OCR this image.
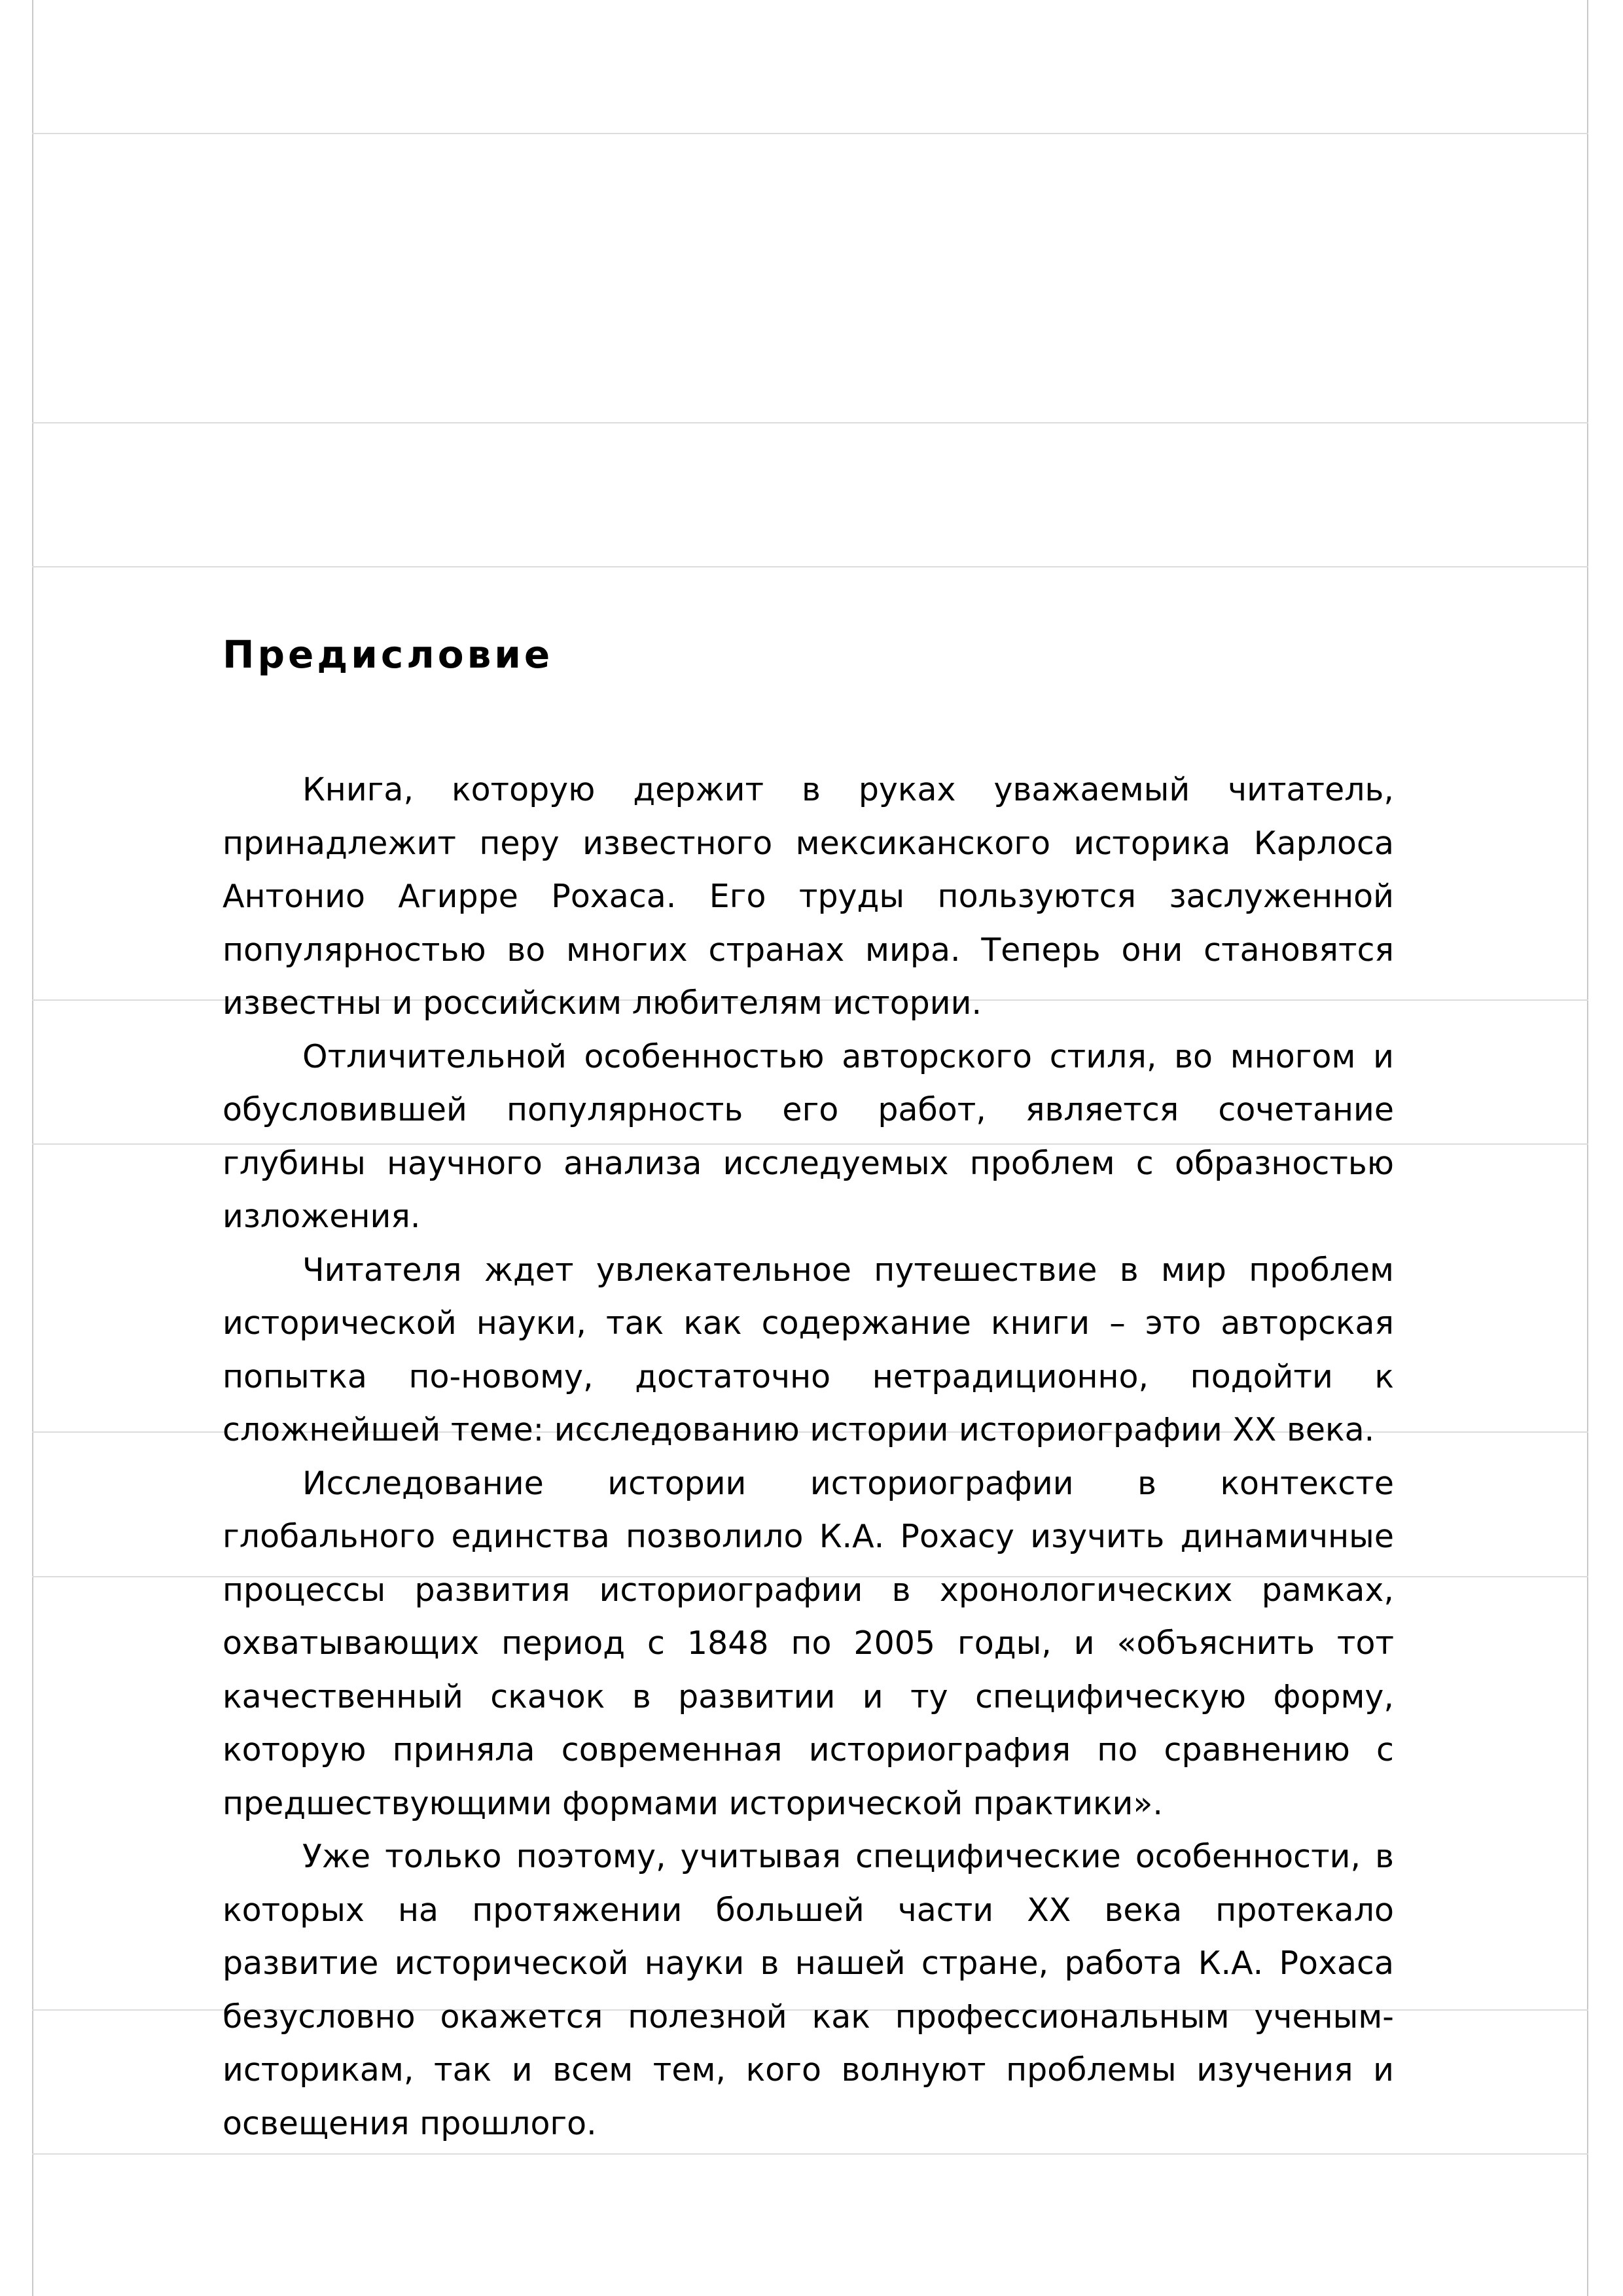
Предисловие

Книга, которую держит в руках уважаемый читатель, принадлежит перу известного мексиканского историка Карлоса Антонио Агирре Рохаса. Его труды пользуются заслуженной популярностью во многих странах мира. Теперь они становятся известны и российским любителям истории.

Отличительной особенностью авторского стиля, во многом и обусловившей популярность его работ, является сочетание глубины научного анализа исследуемых проблем с образностью изложения.

Читателя ждет увлекательное путешествие в мир проблем исторической науки, так как содержание книги – это авторская попытка по-новому, достаточно нетрадиционно, подойти к сложнейшей теме: исследованию истории историографии XX века.

Исследование истории историографии в контексте глобального единства позволило К.А. Рохасу изучить динамичные процессы развития историографии в хронологических рамках, охватывающих период с 1848 по 2005 годы, и «объяснить тот качественный скачок в развитии и ту специфическую форму, которую приняла современная историография по сравнению с предшествующими формами исторической практики».

Уже только поэтому, учитывая специфические особенности, в которых на протяжении большей части XX века протекало развитие исторической науки в нашей стране, работа К.А. Рохаса безусловно окажется полезной как профессиональным ученым-историкам, так и всем тем, кого волнуют проблемы изучения и освещения прошлого.
